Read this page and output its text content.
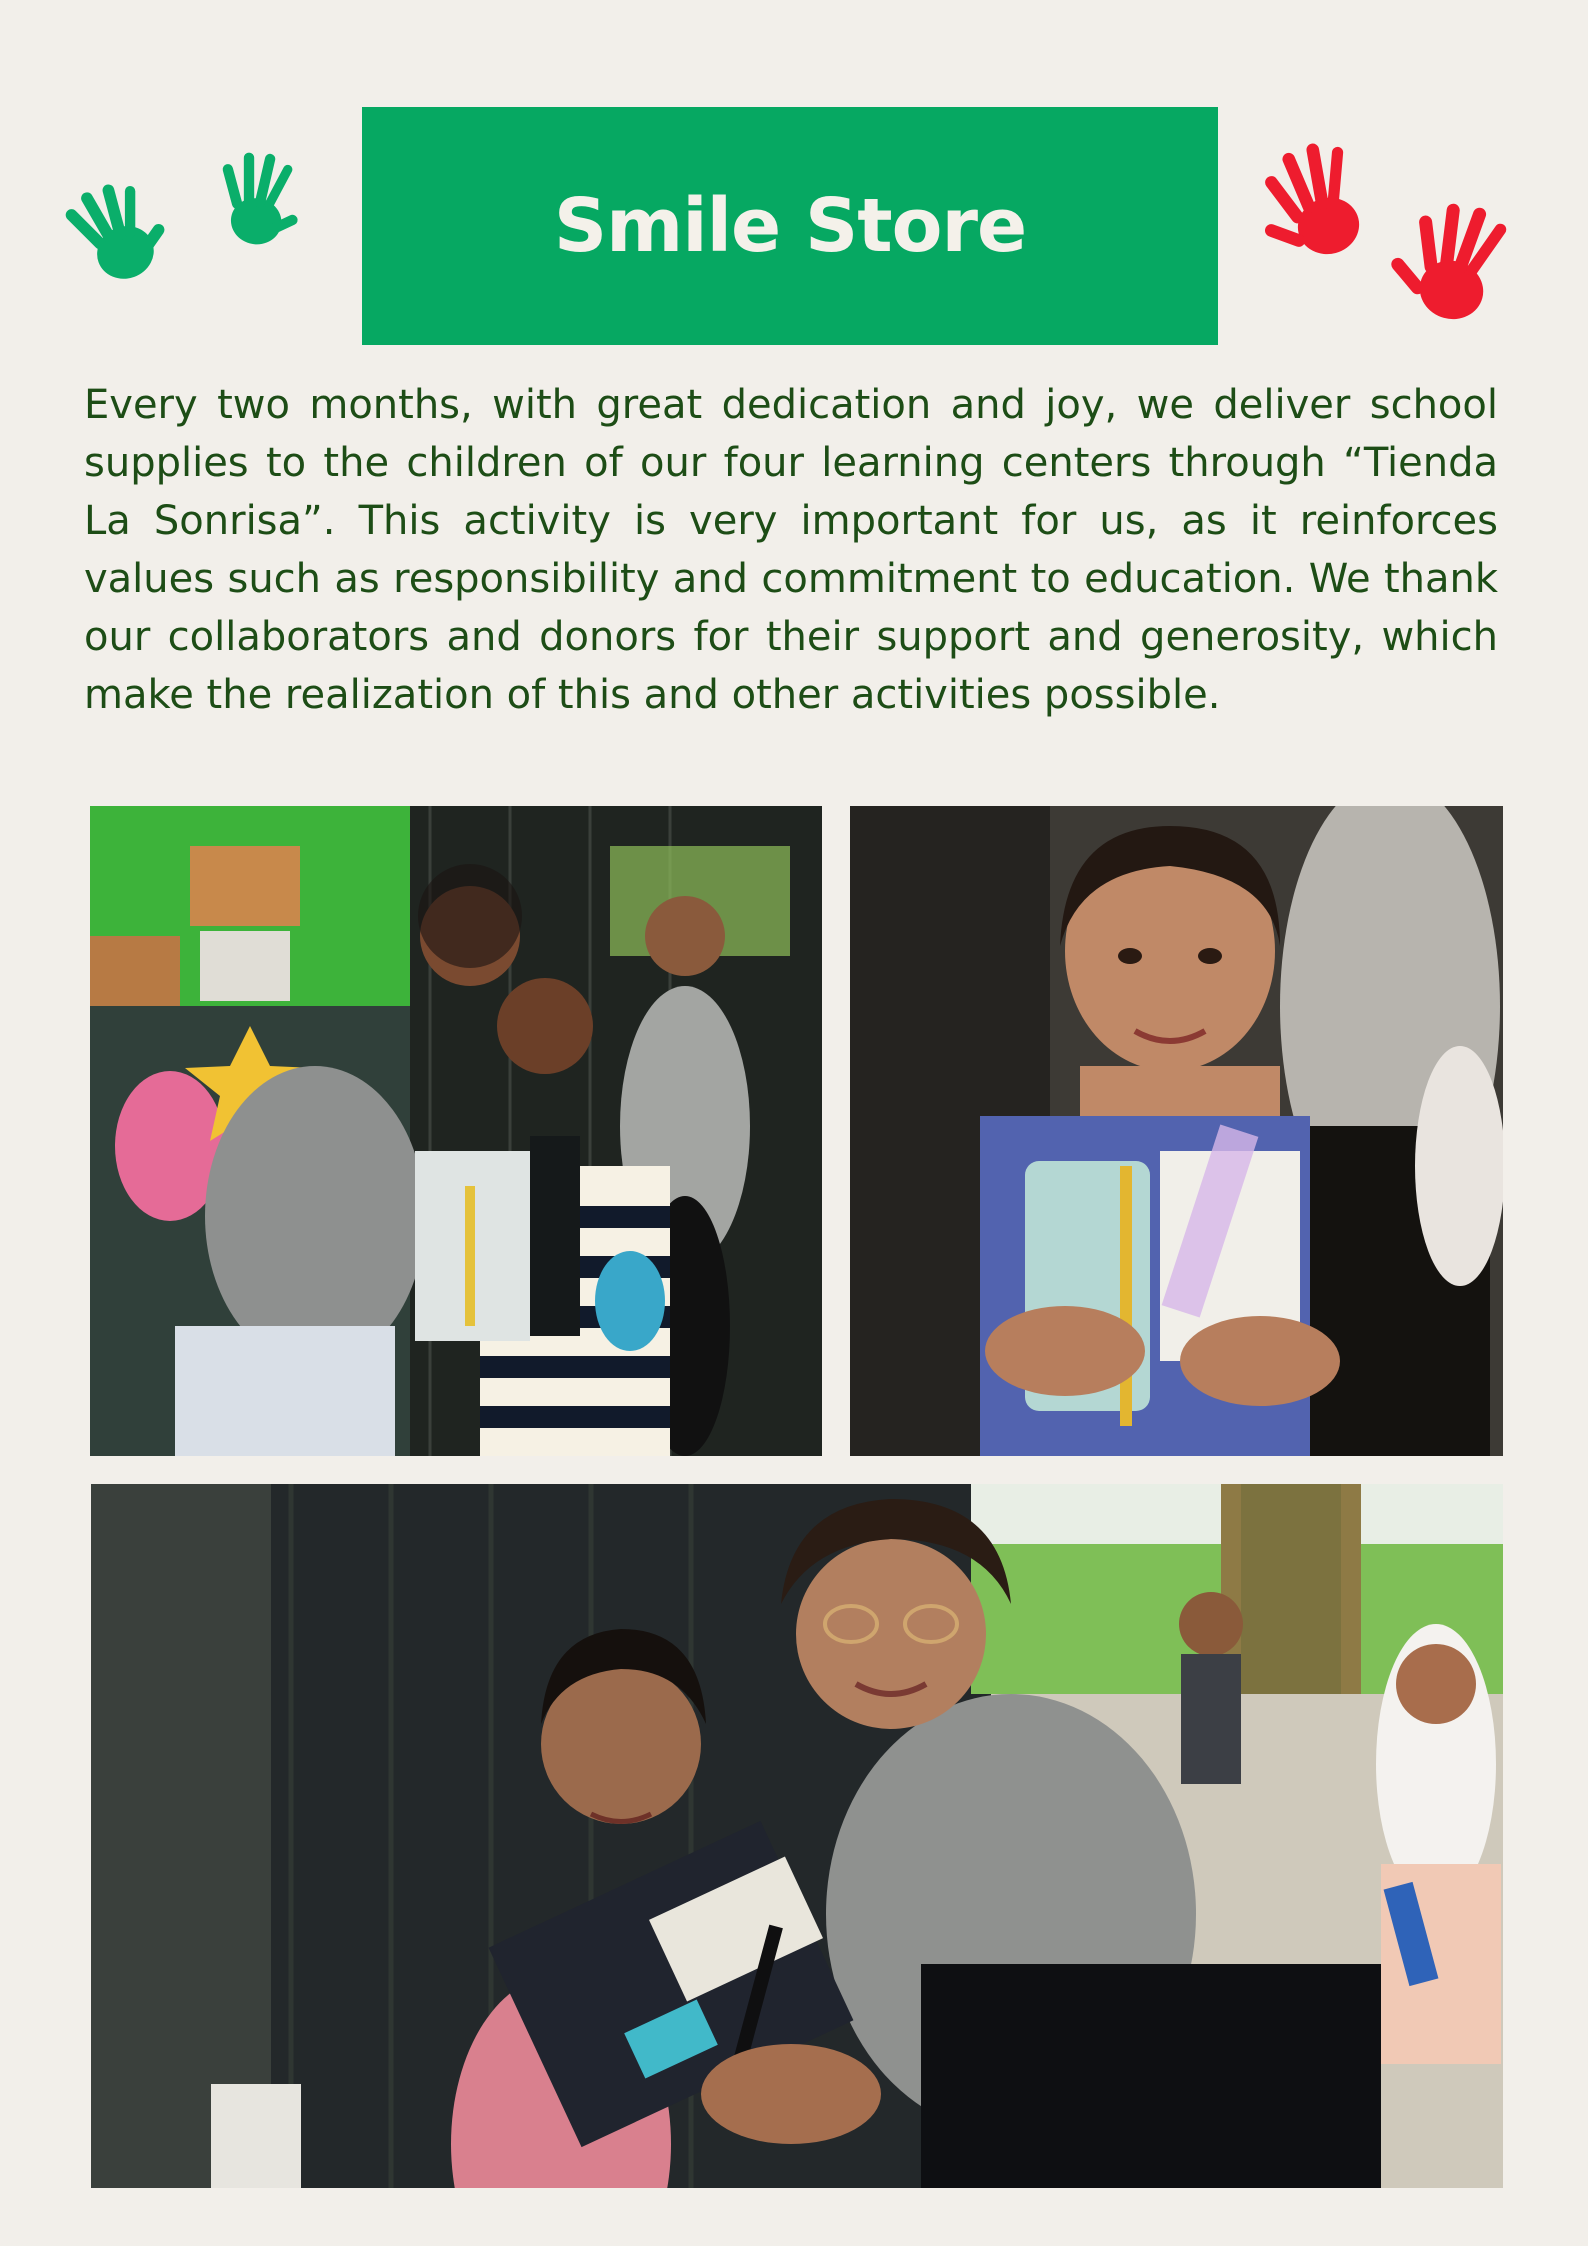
Smile Store

Every two months, with great dedication and joy, we deliver school supplies to the children of our four learning centers through “Tienda La Sonrisa”. This activity is very important for us, as it reinforces values such as responsibility and commitment to education. We thank our collaborators and donors for their support and generosity, which make the realization of this and other activities possible.
